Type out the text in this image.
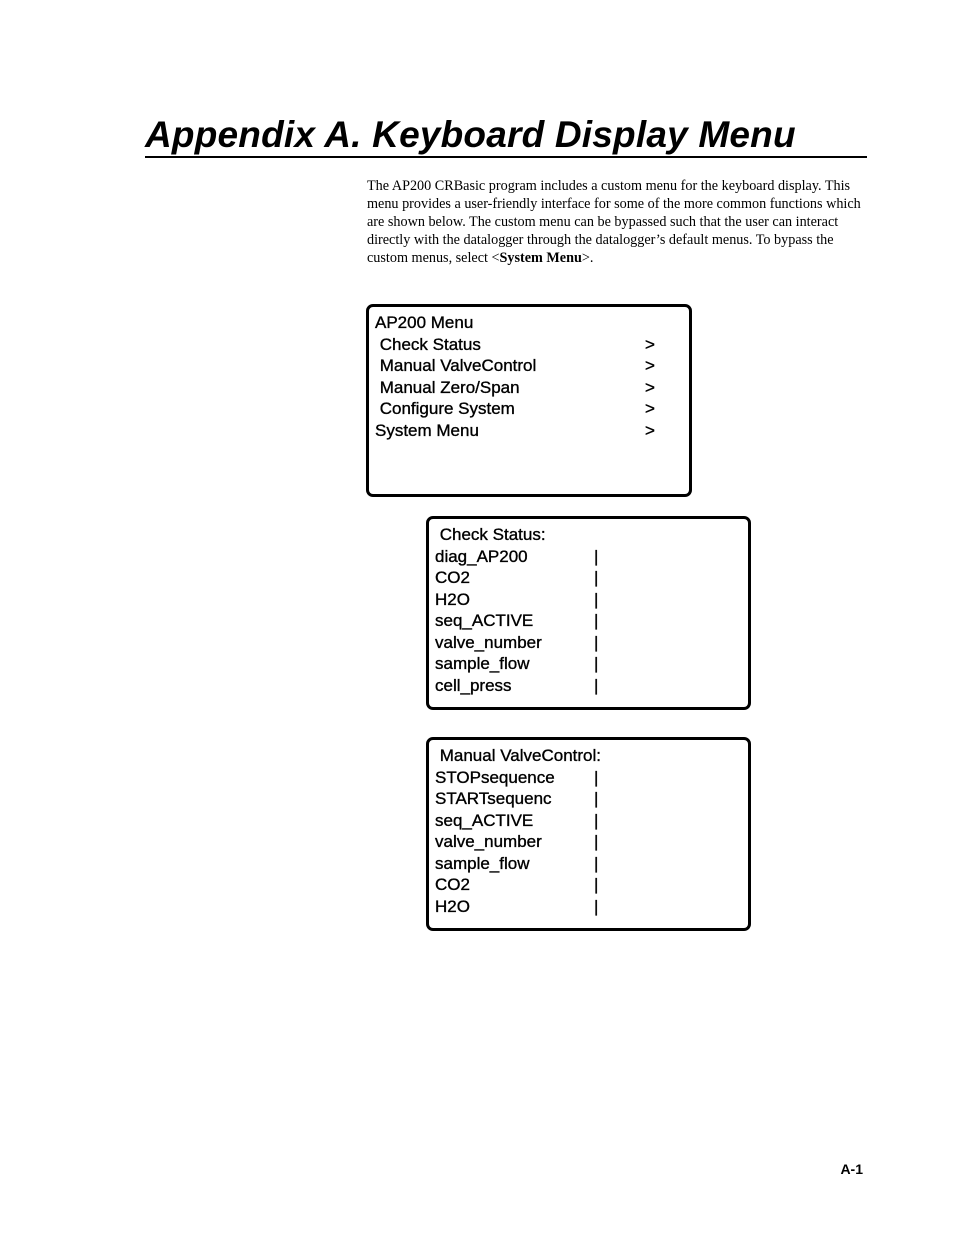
Appendix A. Keyboard Display Menu

The AP200 CRBasic program includes a custom menu for the keyboard display. This menu provides a user-friendly interface for some of the more common functions which are shown below. The custom menu can be bypassed such that the user can interact directly with the datalogger through the datalogger’s default menus. To bypass the custom menus, select <System Menu>.

AP200 Menu
Check Status	>
Manual ValveControl	>
Manual Zero/Span	>
Configure System	>
System Menu	>
Check Status:
diag_AP200	|
CO2	|
H2O	|
seq_ACTIVE	|
valve_number	|
sample_flow	|
cell_press	|
Manual ValveControl:
STOPsequence |
STARTsequenc |
seq_ACTIVE	|
valve_number	|
sample_flow	|
CO2	|
H2O	|
A-1
